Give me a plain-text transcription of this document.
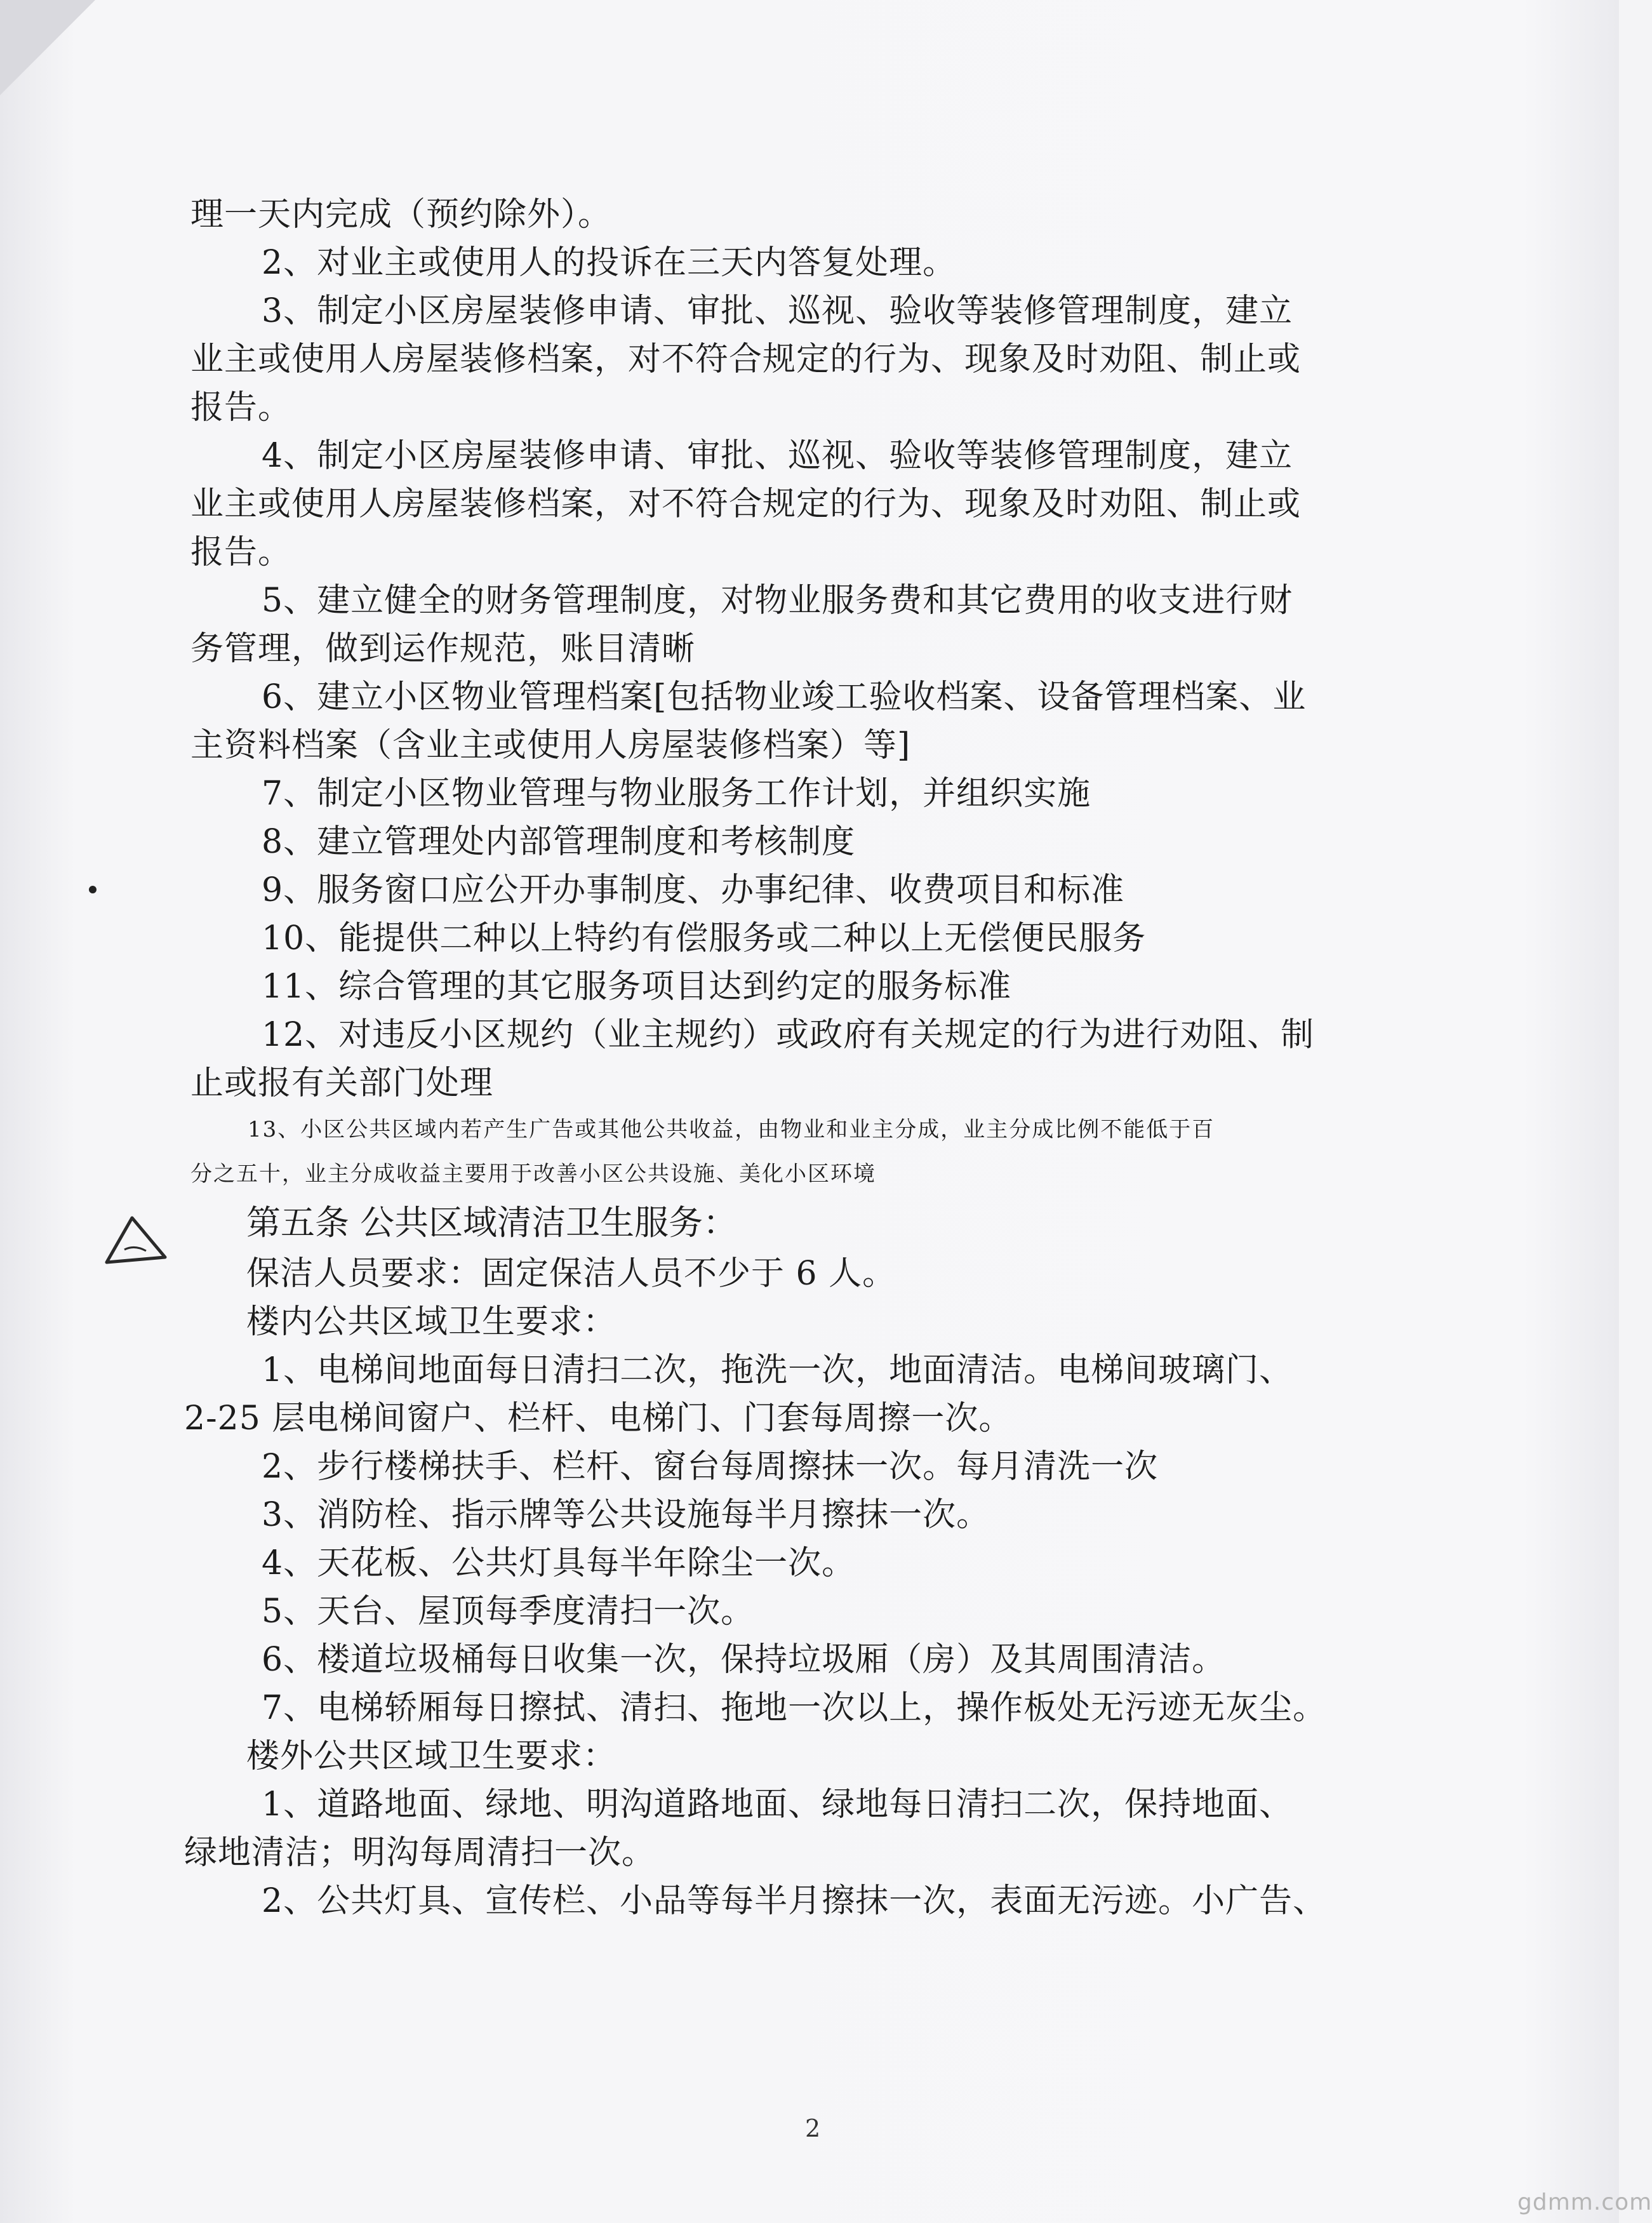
理一天内完成（预约除外）。
2、对业主或使用人的投诉在三天内答复处理。
3、制定小区房屋装修申请、审批、巡视、验收等装修管理制度，建立
业主或使用人房屋装修档案，对不符合规定的行为、现象及时劝阻、制止或
报告。
4、制定小区房屋装修申请、审批、巡视、验收等装修管理制度，建立
业主或使用人房屋装修档案，对不符合规定的行为、现象及时劝阻、制止或
报告。
5、建立健全的财务管理制度，对物业服务费和其它费用的收支进行财
务管理，做到运作规范，账目清晰
6、建立小区物业管理档案[包括物业竣工验收档案、设备管理档案、业
主资料档案（含业主或使用人房屋装修档案）等]
7、制定小区物业管理与物业服务工作计划，并组织实施
8、建立管理处内部管理制度和考核制度
9、服务窗口应公开办事制度、办事纪律、收费项目和标准
10、能提供二种以上特约有偿服务或二种以上无偿便民服务
11、综合管理的其它服务项目达到约定的服务标准
12、对违反小区规约（业主规约）或政府有关规定的行为进行劝阻、制
止或报有关部门处理
13、小区公共区域内若产生广告或其他公共收益，由物业和业主分成，业主分成比例不能低于百
分之五十，业主分成收益主要用于改善小区公共设施、美化小区环境
第五条 公共区域清洁卫生服务：
保洁人员要求：固定保洁人员不少于 6 人。
楼内公共区域卫生要求：
1、电梯间地面每日清扫二次，拖洗一次，地面清洁。电梯间玻璃门、
2-25 层电梯间窗户、栏杆、电梯门、门套每周擦一次。
2、步行楼梯扶手、栏杆、窗台每周擦抹一次。每月清洗一次
3、消防栓、指示牌等公共设施每半月擦抹一次。
4、天花板、公共灯具每半年除尘一次。
5、天台、屋顶每季度清扫一次。
6、楼道垃圾桶每日收集一次，保持垃圾厢（房）及其周围清洁。
7、电梯轿厢每日擦拭、清扫、拖地一次以上，操作板处无污迹无灰尘。
楼外公共区域卫生要求：
1、道路地面、绿地、明沟道路地面、绿地每日清扫二次，保持地面、
绿地清洁；明沟每周清扫一次。
2、公共灯具、宣传栏、小品等每半月擦抹一次，表面无污迹。小广告、
2
gdmm.com
